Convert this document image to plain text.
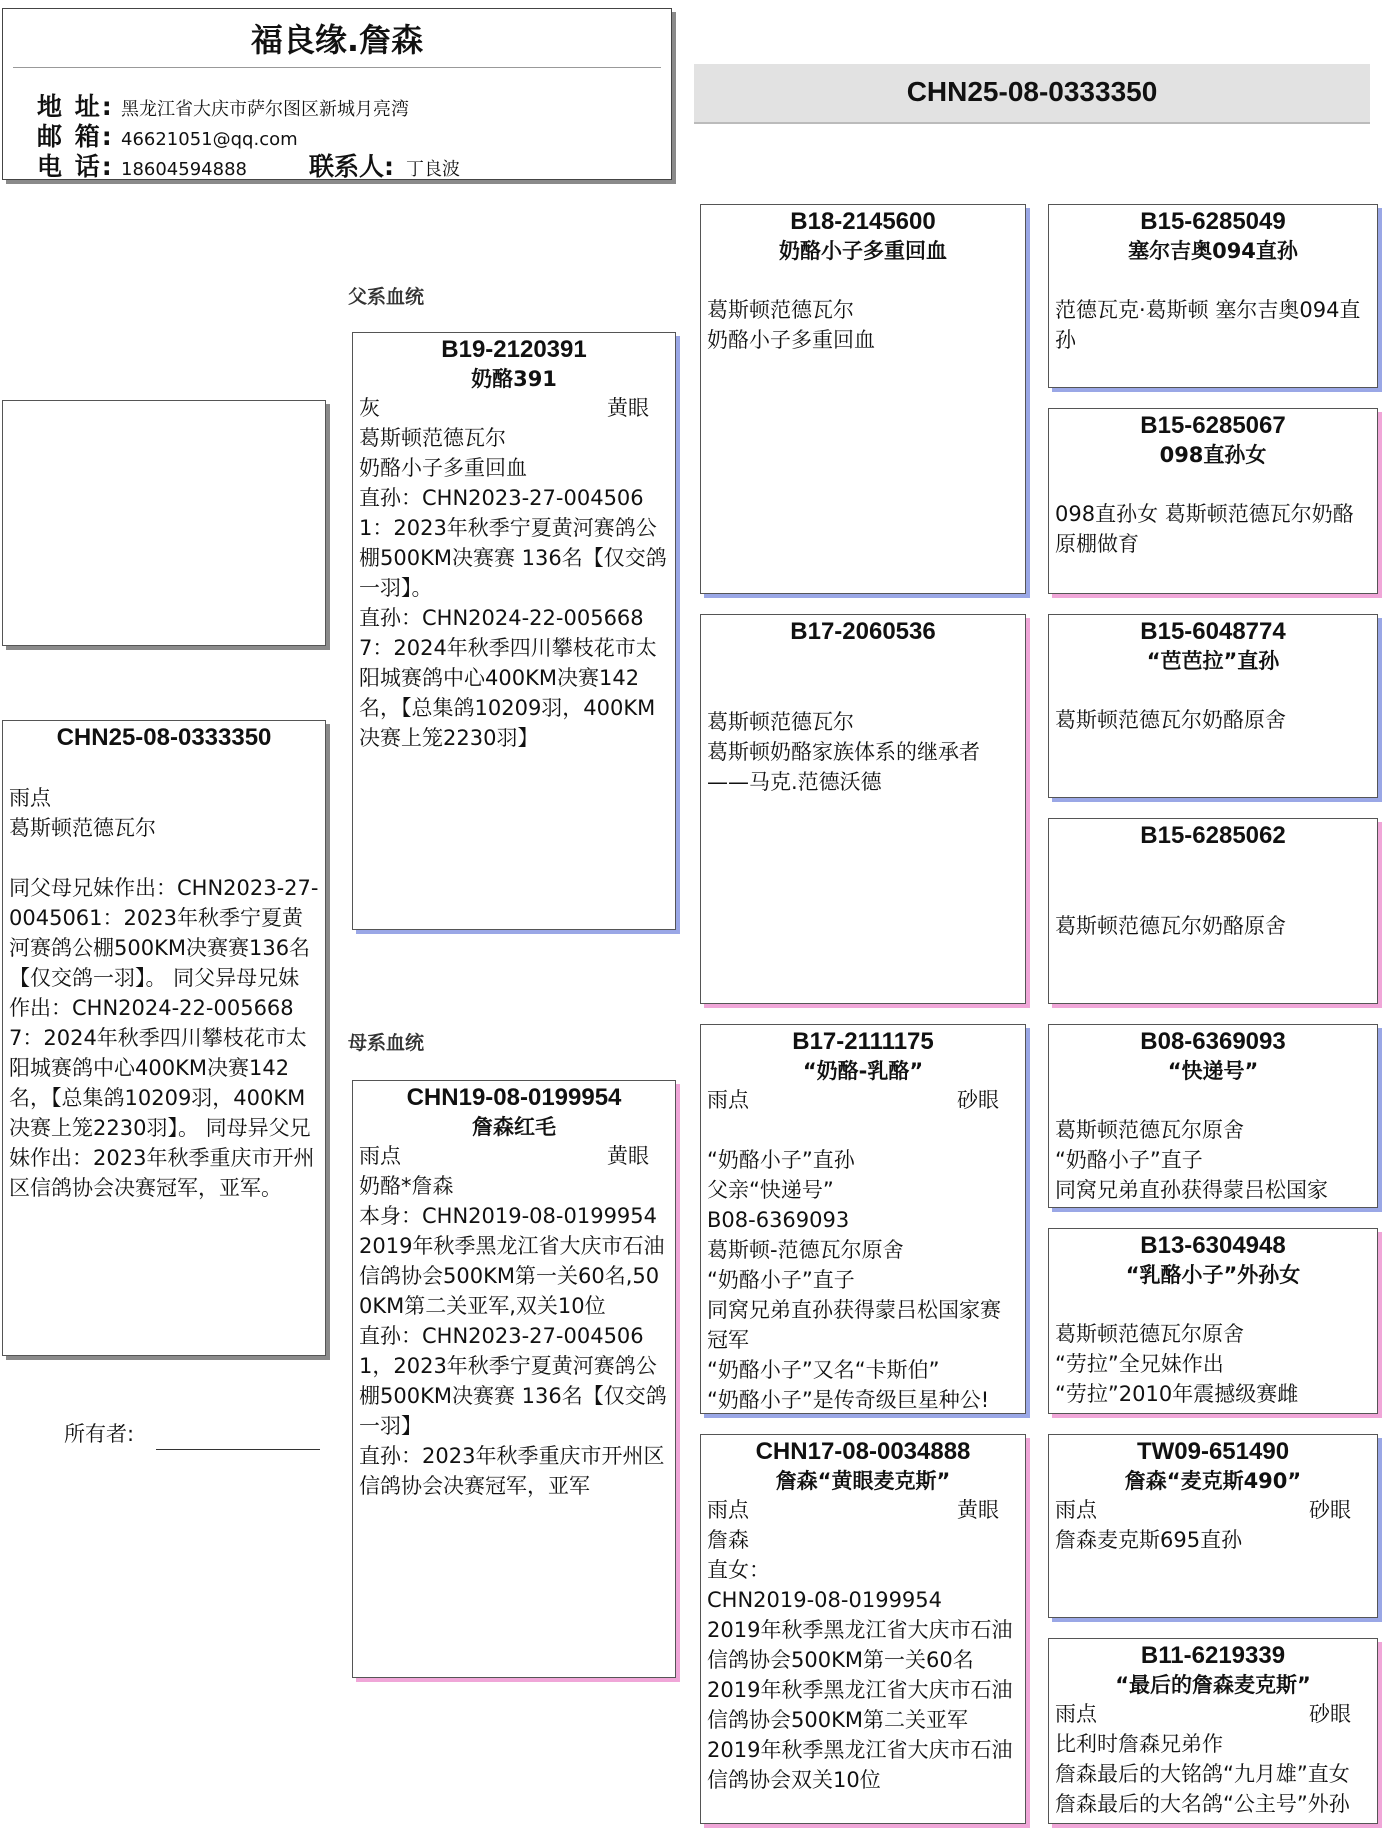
福良缘.詹森
地 址: 黑龙江省大庆市萨尔图区新城月亮湾
邮 箱: 46621051@qq.com
电 话: 18604594888 联系人: 丁良波
CHN25-08-0333350
父系血统
母系血统
CHN25-08-0333350
雨点
葛斯顿范德瓦尔
同父母兄妹作出：CHN2023-27-0045061：2023年秋季宁夏黄河赛鸽公棚500KM决赛赛136名【仅交鸽一羽】。 同父异母兄妹作出：CHN2024-22-0056687：2024年秋季四川攀枝花市太阳城赛鸽中心400KM决赛142名，【总集鸽10209羽，400KM决赛上笼2230羽】。 同母异父兄妹作出：2023年秋季重庆市开州区信鸽协会决赛冠军，亚军。
B19-2120391
奶酪391
灰	黄眼
葛斯顿范德瓦尔
奶酪小子多重回血
直孙：CHN2023-27-0045061：2023年秋季宁夏黄河赛鸽公棚500KM决赛赛 136名【仅交鸽一羽】。
直孙：CHN2024-22-0056687：2024年秋季四川攀枝花市太阳城赛鸽中心400KM决赛142名，【总集鸽10209羽，400KM决赛上笼2230羽】
CHN19-08-0199954
詹森红毛
雨点	黄眼
奶酪*詹森
本身：CHN2019-08-0199954 2019年秋季黑龙江省大庆市石油信鸽协会500KM第一关60名,500KM第二关亚军,双关10位
直孙：CHN2023-27-0045061，2023年秋季宁夏黄河赛鸽公棚500KM决赛赛 136名【仅交鸽一羽】
直孙：2023年秋季重庆市开州区信鸽协会决赛冠军，亚军
B18-2145600
奶酪小子多重回血
葛斯顿范德瓦尔
奶酪小子多重回血
B17-2060536
葛斯顿范德瓦尔
葛斯顿奶酪家族体系的继承者——马克.范德沃德
B17-2111175
“奶酪-乳酪”
雨点	砂眼
“奶酪小子”直孙
父亲“快递号”
B08-6369093
葛斯顿-范德瓦尔原舍
“奶酪小子”直子
同窝兄弟直孙获得蒙吕松国家赛冠军
“奶酪小子”又名“卡斯伯”
“奶酪小子”是传奇级巨星种公!
CHN17-08-0034888
詹森“黄眼麦克斯”
雨点	黄眼
詹森
直女：
CHN2019-08-0199954
2019年秋季黑龙江省大庆市石油信鸽协会500KM第一关60名
2019年秋季黑龙江省大庆市石油信鸽协会500KM第二关亚军
2019年秋季黑龙江省大庆市石油信鸽协会双关10位
B15-6285049
塞尔吉奥094直孙
范德瓦克·葛斯顿 塞尔吉奥094直孙
B15-6285067
098直孙女
098直孙女 葛斯顿范德瓦尔奶酪原棚做育
B15-6048774
“芭芭拉”直孙
葛斯顿范德瓦尔奶酪原舍
B15-6285062
葛斯顿范德瓦尔奶酪原舍
B08-6369093
“快递号”
葛斯顿范德瓦尔原舍
“奶酪小子”直子
同窝兄弟直孙获得蒙吕松国家
B13-6304948
“乳酪小子”外孙女
葛斯顿范德瓦尔原舍
“劳拉”全兄妹作出
“劳拉”2010年震撼级赛雌
TW09-651490
詹森“麦克斯490”
雨点	砂眼
詹森麦克斯695直孙
B11-6219339
“最后的詹森麦克斯”
雨点	砂眼
比利时詹森兄弟作
詹森最后的大铭鸽“九月雄”直女
詹森最后的大名鸽“公主号”外孙
所有者:
